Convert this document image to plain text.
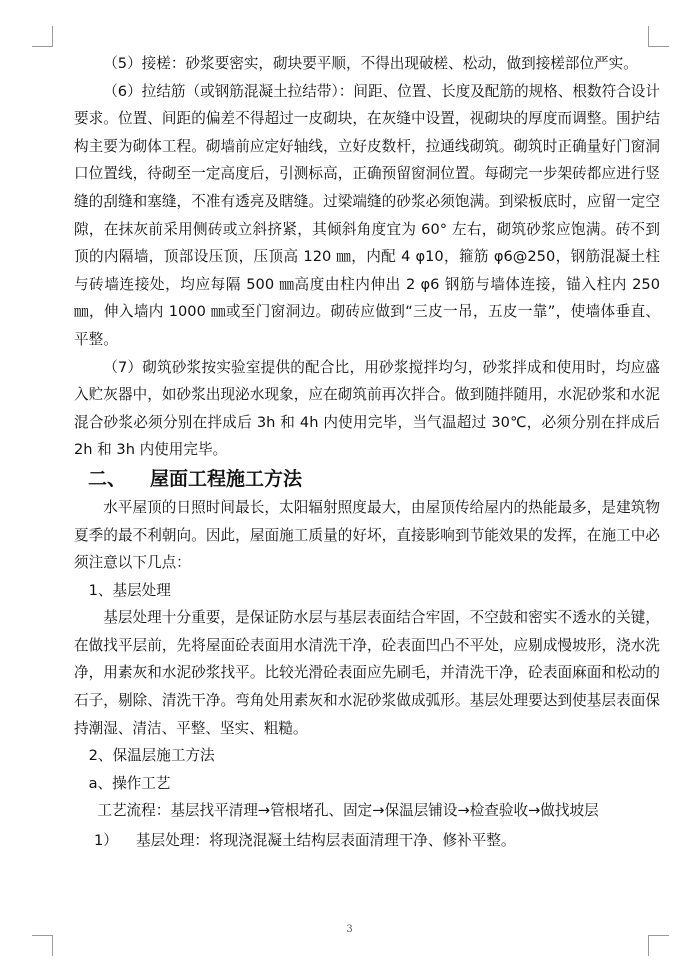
（5）接槎：砂浆要密实，砌块要平顺，不得出现破槎、松动，做到接槎部位严实。

（6）拉结筋（或钢筋混凝土拉结带）：间距、位置、长度及配筋的规格、根数符合设计要求。位置、间距的偏差不得超过一皮砌块，在灰缝中设置，视砌块的厚度而调整。围护结构主要为砌体工程。砌墙前应定好轴线，立好皮数杆，拉通线砌筑。砌筑时正确量好门窗洞口位置线，待砌至一定高度后，引测标高，正确预留窗洞位置。每砌完一步架砖都应进行竖缝的刮缝和塞缝，不准有透亮及瞎缝。过梁端缝的砂浆必须饱满。到梁板底时，应留一定空隙，在抹灰前采用侧砖或立斜挤紧，其倾斜角度宜为 60° 左右，砌筑砂浆应饱满。砖不到顶的内隔墙，顶部设压顶，压顶高 120 ㎜，内配 4 φ10，箍筋 φ6@250，钢筋混凝土柱与砖墙连接处，均应每隔 500 ㎜高度由柱内伸出 2 φ6 钢筋与墙体连接，锚入柱内 250 ㎜，伸入墙内 1000 ㎜或至门窗洞边。砌砖应做到“三皮一吊，五皮一靠”，使墙体垂直、平整。

（7）砌筑砂浆按实验室提供的配合比，用砂浆搅拌均匀，砂浆拌成和使用时，均应盛入贮灰器中，如砂浆出现泌水现象，应在砌筑前再次拌合。做到随拌随用，水泥砂浆和水泥混合砂浆必须分别在拌成后 3h 和 4h 内使用完毕，当气温超过 30℃，必须分别在拌成后 2h 和 3h 内使用完毕。

二、 屋面工程施工方法

水平屋顶的日照时间最长，太阳辐射照度最大，由屋顶传给屋内的热能最多，是建筑物夏季的最不利朝向。因此，屋面施工质量的好坏，直接影响到节能效果的发挥，在施工中必须注意以下几点：

1、基层处理

基层处理十分重要，是保证防水层与基层表面结合牢固，不空鼓和密实不透水的关键，在做找平层前，先将屋面砼表面用水清洗干净，砼表面凹凸不平处，应剔成慢坡形，浇水洗净，用素灰和水泥砂浆找平。比较光滑砼表面应先刷毛，并清洗干净，砼表面麻面和松动的石子，剔除、清洗干净。弯角处用素灰和水泥砂浆做成弧形。基层处理要达到使基层表面保持潮湿、清洁、平整、坚实、粗糙。

2、保温层施工方法

a、操作工艺

工艺流程：基层找平清理→管根堵孔、固定→保温层铺设→检查验收→做找坡层

1） 基层处理：将现浇混凝土结构层表面清理干净、修补平整。

3
